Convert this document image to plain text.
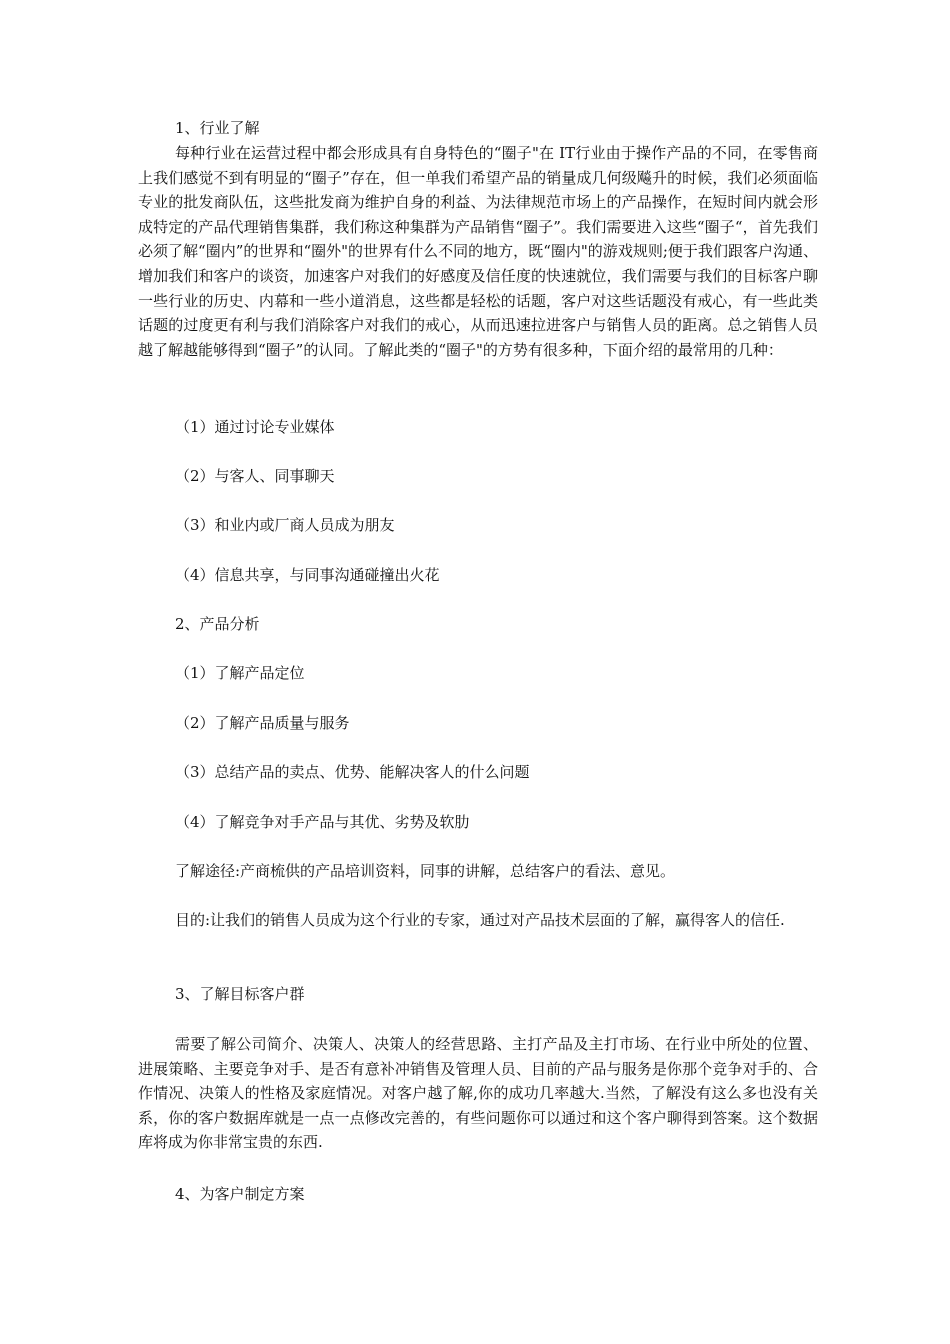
1、行业了解

每种行业在运营过程中都会形成具有自身特色的“圈子"在 IT行业由于操作产品的不同，在零售商上我们感觉不到有明显的“圈子”存在，但一单我们希望产品的销量成几何级飚升的时候，我们必须面临专业的批发商队伍，这些批发商为维护自身的利益、为法律规范市场上的产品操作，在短时间内就会形成特定的产品代理销售集群，我们称这种集群为产品销售“圈子”。我们需要进入这些“圈子“，首先我们必须了解“圈内”的世界和“圈外"的世界有什么不同的地方，既“圈内"的游戏规则;便于我们跟客户沟通、增加我们和客户的谈资，加速客户对我们的好感度及信任度的快速就位，我们需要与我们的目标客户聊一些行业的历史、内幕和一些小道消息，这些都是轻松的话题，客户对这些话题没有戒心，有一些此类话题的过度更有利与我们消除客户对我们的戒心，从而迅速拉进客户与销售人员的距离。总之销售人员越了解越能够得到“圈子”的认同。了解此类的“圈子"的方势有很多种，下面介绍的最常用的几种：

（1）通过讨论专业媒体

（2）与客人、同事聊天

（3）和业内或厂商人员成为朋友

（4）信息共享，与同事沟通碰撞出火花

2、产品分析

（1）了解产品定位

（2）了解产品质量与服务

（3）总结产品的卖点、优势、能解决客人的什么问题

（4）了解竞争对手产品与其优、劣势及软肋

了解途径:产商梳供的产品培训资料，同事的讲解，总结客户的看法、意见。

目的:让我们的销售人员成为这个行业的专家，通过对产品技术层面的了解，赢得客人的信任.

3、了解目标客户群

需要了解公司简介、决策人、决策人的经营思路、主打产品及主打市场、在行业中所处的位置、进展策略、主要竞争对手、是否有意补冲销售及管理人员、目前的产品与服务是你那个竞争对手的、合作情况、决策人的性格及家庭情况。对客户越了解,你的成功几率越大.当然，了解没有这么多也没有关系，你的客户数据库就是一点一点修改完善的，有些问题你可以通过和这个客户聊得到答案。这个数据库将成为你非常宝贵的东西.

4、为客户制定方案
